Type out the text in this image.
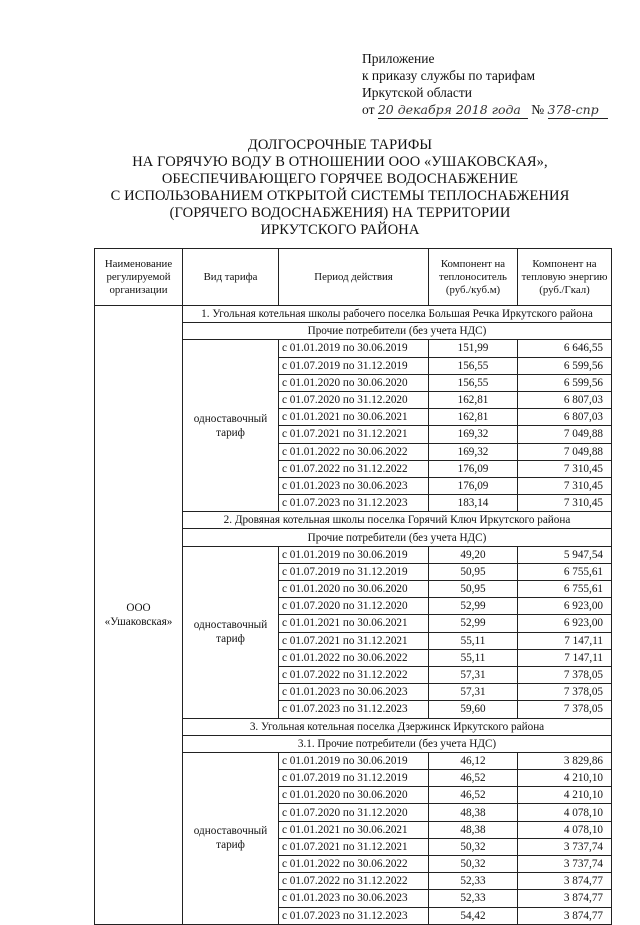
Приложение
к приказу службы по тарифам
Иркутской области
от 20 декабря 2018 года № 378-спр
ДОЛГОСРОЧНЫЕ ТАРИФЫ
НА ГОРЯЧУЮ ВОДУ В ОТНОШЕНИИ ООО «УШАКОВСКАЯ»,
ОБЕСПЕЧИВАЮЩЕГО ГОРЯЧЕЕ ВОДОСНАБЖЕНИЕ
С ИСПОЛЬЗОВАНИЕМ ОТКРЫТОЙ СИСТЕМЫ ТЕПЛОСНАБЖЕНИЯ
(ГОРЯЧЕГО ВОДОСНАБЖЕНИЯ) НА ТЕРРИТОРИИ
ИРКУТСКОГО РАЙОНА
Наименование регулируемой организации	Вид тарифа	Период действия	Компонент на теплоноситель (руб./куб.м)	Компонент на тепловую энергию (руб./Гкал)
ООО «Ушаковская»	1. Угольная котельная школы рабочего поселка Большая Речка Иркутского района			
	Прочие потребители (без учета НДС)			
	одноставочный тариф	с 01.01.2019 по 30.06.2019	151,99	6 646,55
		с 01.07.2019 по 31.12.2019	156,55	6 599,56
		с 01.01.2020 по 30.06.2020	156,55	6 599,56
		с 01.07.2020 по 31.12.2020	162,81	6 807,03
		с 01.01.2021 по 30.06.2021	162,81	6 807,03
		с 01.07.2021 по 31.12.2021	169,32	7 049,88
		с 01.01.2022 по 30.06.2022	169,32	7 049,88
		с 01.07.2022 по 31.12.2022	176,09	7 310,45
		с 01.01.2023 по 30.06.2023	176,09	7 310,45
		с 01.07.2023 по 31.12.2023	183,14	7 310,45
	2. Дровяная котельная школы поселка Горячий Ключ Иркутского района			
	Прочие потребители (без учета НДС)			
	одноставочный тариф	с 01.01.2019 по 30.06.2019	49,20	5 947,54
		с 01.07.2019 по 31.12.2019	50,95	6 755,61
		с 01.01.2020 по 30.06.2020	50,95	6 755,61
		с 01.07.2020 по 31.12.2020	52,99	6 923,00
		с 01.01.2021 по 30.06.2021	52,99	6 923,00
		с 01.07.2021 по 31.12.2021	55,11	7 147,11
		с 01.01.2022 по 30.06.2022	55,11	7 147,11
		с 01.07.2022 по 31.12.2022	57,31	7 378,05
		с 01.01.2023 по 30.06.2023	57,31	7 378,05
		с 01.07.2023 по 31.12.2023	59,60	7 378,05
	3. Угольная котельная поселка Дзержинск Иркутского района			
	3.1. Прочие потребители (без учета НДС)			
	одноставочный тариф	с 01.01.2019 по 30.06.2019	46,12	3 829,86
		с 01.07.2019 по 31.12.2019	46,52	4 210,10
		с 01.01.2020 по 30.06.2020	46,52	4 210,10
		с 01.07.2020 по 31.12.2020	48,38	4 078,10
		с 01.01.2021 по 30.06.2021	48,38	4 078,10
		с 01.07.2021 по 31.12.2021	50,32	3 737,74
		с 01.01.2022 по 30.06.2022	50,32	3 737,74
		с 01.07.2022 по 31.12.2022	52,33	3 874,77
		с 01.01.2023 по 30.06.2023	52,33	3 874,77
		с 01.07.2023 по 31.12.2023	54,42	3 874,77
